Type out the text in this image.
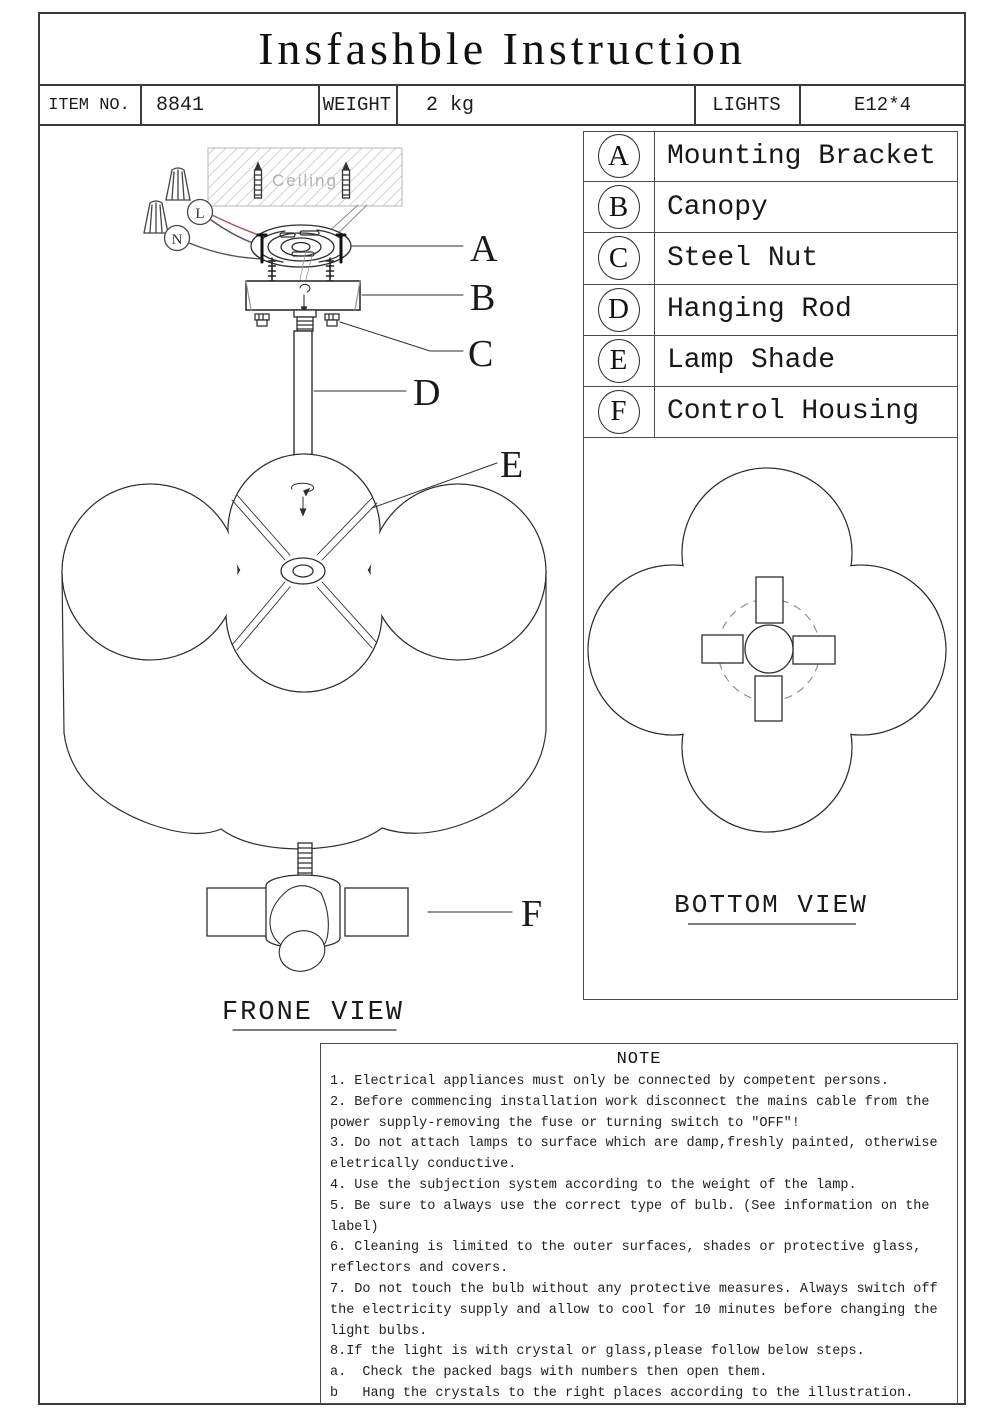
Insfashble Instruction
ITEM NO.	8841	WEIGHT	2 kg	LIGHTS	E12*4
A	Mounting Bracket
B	Canopy
C	Steel Nut
D	Hanging Rod
E	Lamp Shade
F	Control Housing
Ceiling
L
N	A
B
C
D
E
F
FRONE VIEW
BOTTOM VIEW
NOTE
1. Electrical appliances must only be connected by competent persons.
2. Before commencing installation work disconnect the mains cable from the
power supply-removing the fuse or turning switch to ″OFF″!
3. Do not attach lamps to surface which are damp,freshly painted, otherwise
eletrically conductive.
4. Use the subjection system according to the weight of the lamp.
5. Be sure to always use the correct type of bulb. (See information on the
label)
6. Cleaning is limited to the outer surfaces, shades or protective glass,
reflectors and covers.
7. Do not touch the bulb without any protective measures. Always switch off
the electricity supply and allow to cool for 10 minutes before changing the
light bulbs.
8.If the light is with crystal or glass,please follow below steps.
a.  Check the packed bags with numbers then open them.
b   Hang the crystals to the right places according to the illustration.
